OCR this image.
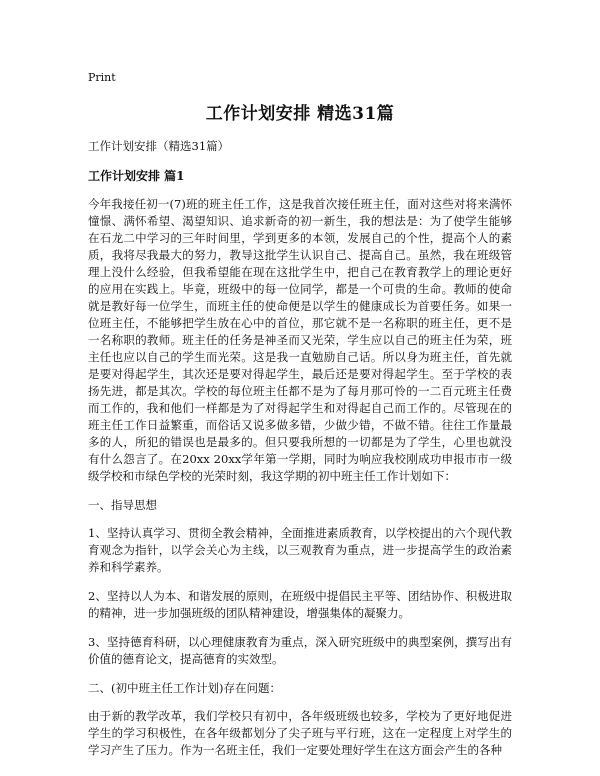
Print
工作计划安排 精选31篇
工作计划安排（精选31篇）
工作计划安排 篇1

今年我接任初一(7)班的班主任工作，这是我首次接任班主任，面对这些对将来满怀憧憬、满怀希望、渴望知识、追求新奇的初一新生，我的想法是：为了使学生能够在石龙二中学习的三年时间里，学到更多的本领，发展自己的个性，提高个人的素质，我将尽我最大的努力，教导这批学生认识自己、提高自己。虽然，我在班级管理上没什么经验，但我希望能在现在这批学生中，把自己在教育教学上的理论更好的应用在实践上。毕竟，班级中的每一位同学，都是一个可贵的生命。教师的使命就是教好每一位学生，而班主任的使命便是以学生的健康成长为首要任务。如果一位班主任，不能够把学生放在心中的首位，那它就不是一名称职的班主任，更不是一名称职的教师。班主任的任务是神圣而又光荣，学生应以自己的班主任为荣，班主任也应以自己的学生而光荣。这是我一直勉励自己话。所以身为班主任，首先就是要对得起学生，其次还是要对得起学生，最后还是要对得起学生。至于学校的表扬先进，都是其次。学校的每位班主任都不是为了每月那可怜的一二百元班主任费而工作的，我和他们一样都是为了对得起学生和对得起自己而工作的。尽管现在的班主任工作日益繁重，而俗话又说多做多错，少做少错，不做不错。往往工作量最多的人，所犯的错误也是最多的。但只要我所想的一切都是为了学生，心里也就没有什么怨言了。在20xx 20xx学年第一学期，同时为响应我校刚成功申报市市一级级学校和市绿色学校的光荣时刻，我这学期的初中班主任工作计划如下：

一、指导思想

1、坚持认真学习、贯彻全教会精神，全面推进素质教育，以学校提出的六个现代教育观念为指针，以学会关心为主线，以三观教育为重点，进一步提高学生的政治素养和科学素养。

2、坚持以人为本、和谐发展的原则，在班级中提倡民主平等、团结协作、积极进取的精神，进一步加强班级的团队精神建设，增强集体的凝聚力。

3、坚持德育科研，以心理健康教育为重点，深入研究班级中的典型案例，撰写出有价值的德育论文，提高德育的实效型。

二、(初中班主任工作计划)存在问题：

由于新的教学改革，我们学校只有初中，各年级班级也较多，学校为了更好地促进学生的学习积极性，在各年级都划分了尖子班与平行班，这在一定程度上对学生的学习产生了压力。作为一名班主任，我们一定要处理好学生在这方面会产生的各种
